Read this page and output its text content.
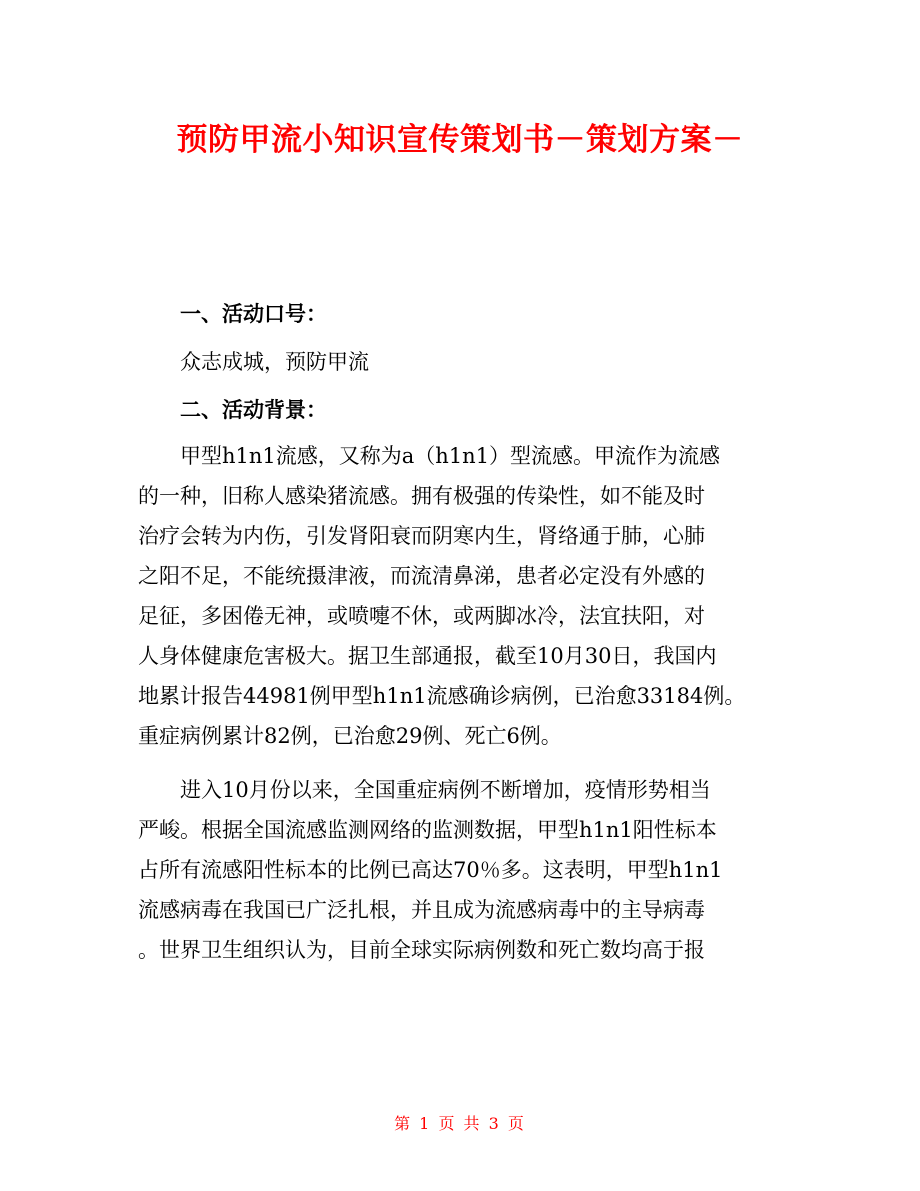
预防甲流小知识宣传策划书－策划方案－

一、活动口号：

众志成城，预防甲流

二、活动背景：

甲型h1n1流感，又称为a（h1n1）型流感。甲流作为流感
的一种，旧称人感染猪流感。拥有极强的传染性，如不能及时
治疗会转为内伤，引发肾阳衰而阴寒内生，肾络通于肺，心肺
之阳不足，不能统摄津液，而流清鼻涕，患者必定没有外感的
足征，多困倦无神，或喷嚏不休，或两脚冰冷，法宜扶阳，对
人身体健康危害极大。据卫生部通报，截至10月30日，我国内
地累计报告44981例甲型h1n1流感确诊病例，已治愈33184例。
重症病例累计82例，已治愈29例、死亡6例。

进入10月份以来，全国重症病例不断增加，疫情形势相当
严峻。根据全国流感监测网络的监测数据，甲型h1n1阳性标本
占所有流感阳性标本的比例已高达70％多。这表明，甲型h1n1
流感病毒在我国已广泛扎根，并且成为流感病毒中的主导病毒
。世界卫生组织认为，目前全球实际病例数和死亡数均高于报

第 1 页 共 3 页
